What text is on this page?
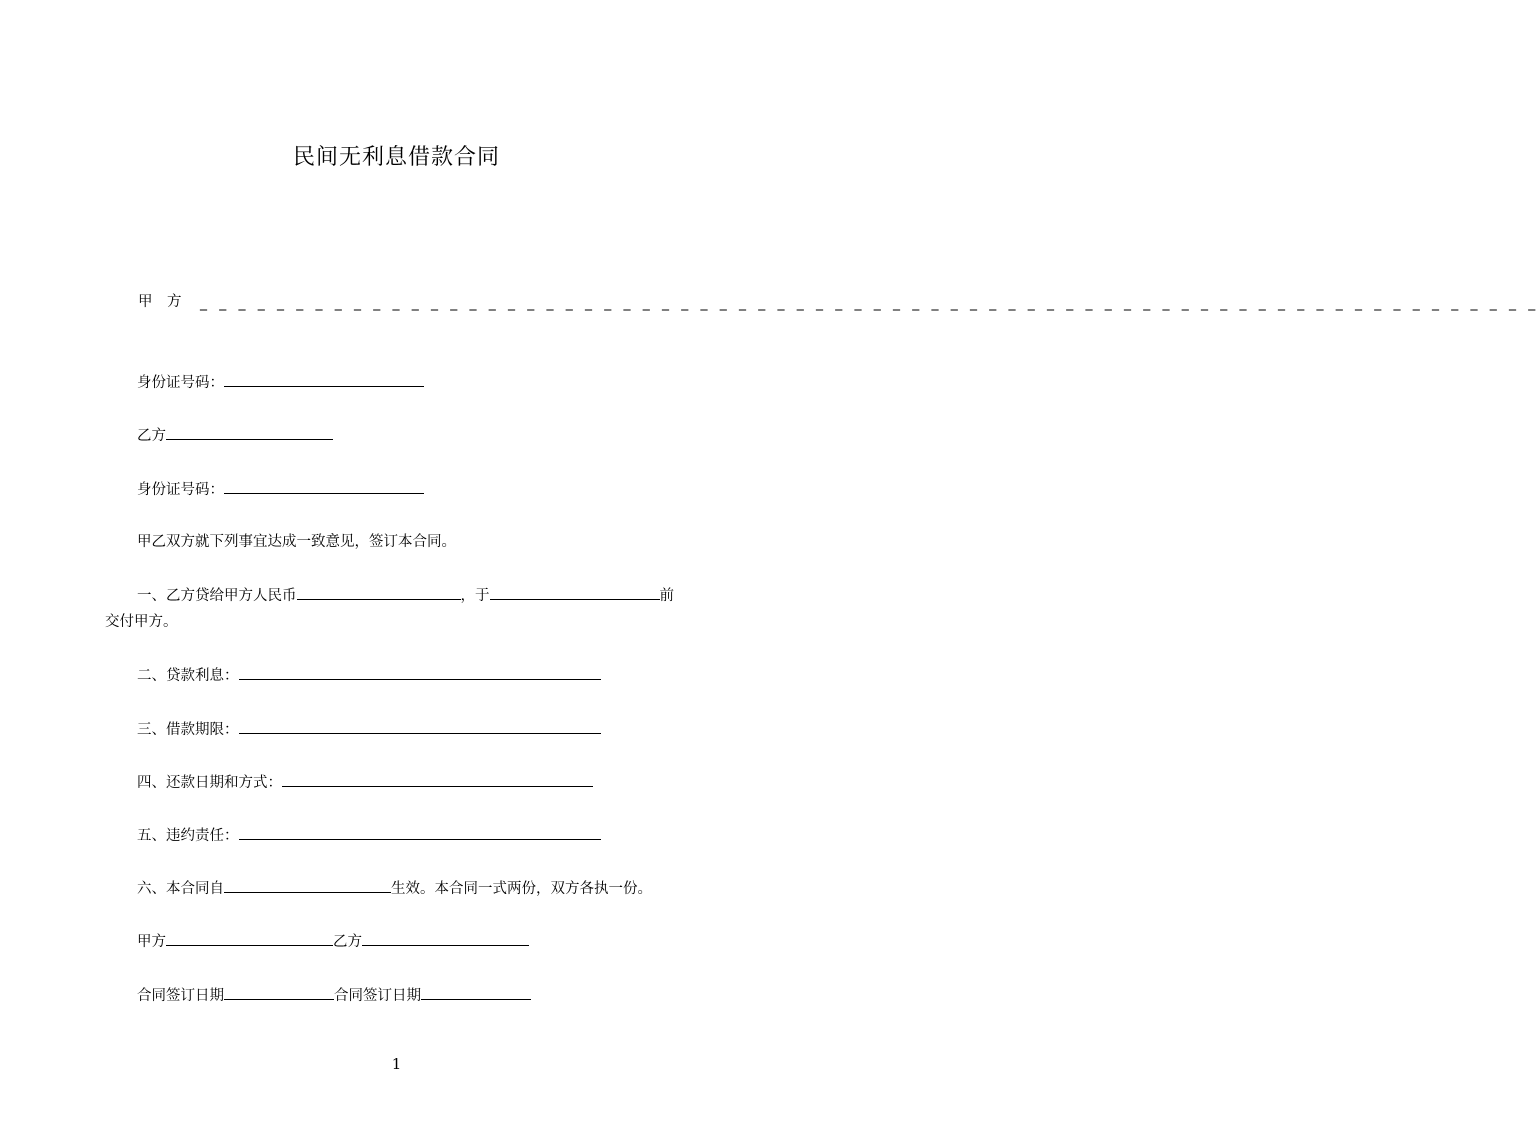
民间无利息借款合同
甲　方 _ _ _ _ _ _ _ _ _ _ _ _ _ _ _ _ _ _ _ _ _ _ _ _ _ _ _ _ _ _ _ _ _ _ _ _ _ _ _ _ _ _ _ _ _ _ _ _ _ _ _ _ _ _ _ _ _ _ _ _ _ _ _ _ _ _ _ _ _ _
身份证号码：
乙方
身份证号码：
甲乙双方就下列事宜达成一致意见，签订本合同。
一、乙方贷给甲方人民币	，于	前
交付甲方。
二、贷款利息：
三、借款期限：
四、还款日期和方式：
五、违约责任：
六、本合同自	生效。本合同一式两份，双方各执一份。
甲方	乙方
合同签订日期	合同签订日期
1
